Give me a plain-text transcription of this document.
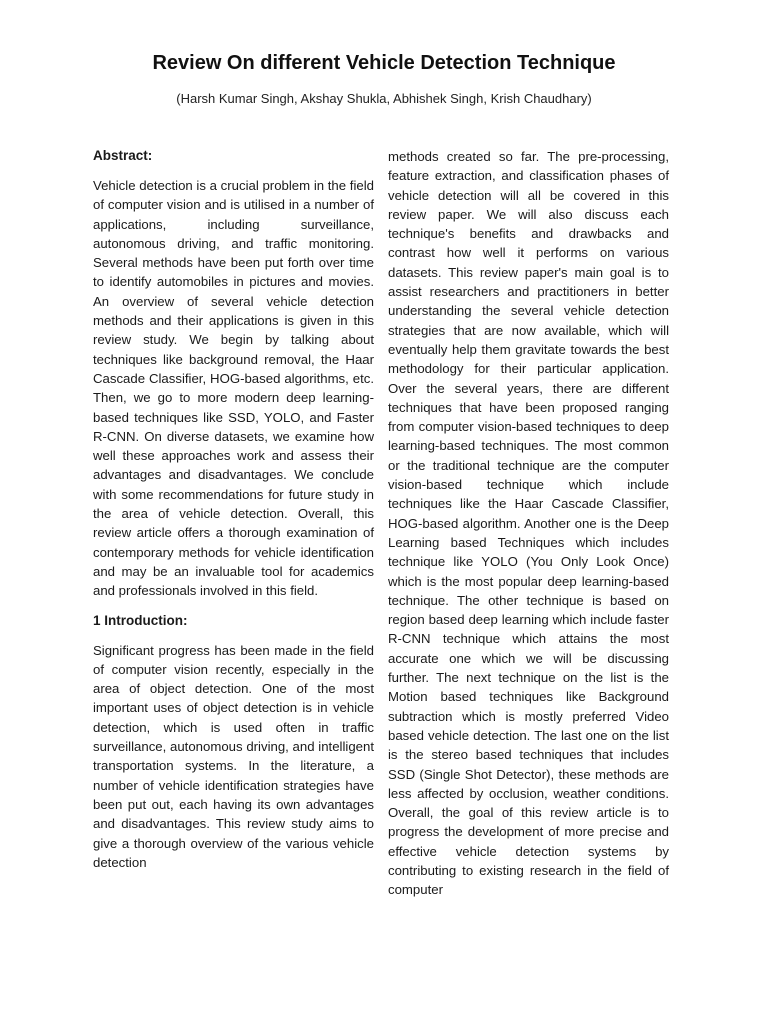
Review On different Vehicle Detection Technique
(Harsh Kumar Singh, Akshay Shukla, Abhishek Singh, Krish Chaudhary)
Abstract:

Vehicle detection is a crucial problem in the field of computer vision and is utilised in a number of applications, including surveillance, autonomous driving, and traffic monitoring. Several methods have been put forth over time to identify automobiles in pictures and movies. An overview of several vehicle detection methods and their applications is given in this review study. We begin by talking about techniques like background removal, the Haar Cascade Classifier, HOG-based algorithms, etc. Then, we go to more modern deep learning-based techniques like SSD, YOLO, and Faster R-CNN. On diverse datasets, we examine how well these approaches work and assess their advantages and disadvantages. We conclude with some recommendations for future study in the area of vehicle detection. Overall, this review article offers a thorough examination of contemporary methods for vehicle identification and may be an invaluable tool for academics and professionals involved in this field.

1 Introduction:

Significant progress has been made in the field of computer vision recently, especially in the area of object detection. One of the most important uses of object detection is in vehicle detection, which is used often in traffic surveillance, autonomous driving, and intelligent transportation systems. In the literature, a number of vehicle identification strategies have been put out, each having its own advantages and disadvantages. This review study aims to give a thorough overview of the various vehicle detection

methods created so far. The pre-processing, feature extraction, and classification phases of vehicle detection will all be covered in this review paper. We will also discuss each technique's benefits and drawbacks and contrast how well it performs on various datasets. This review paper's main goal is to assist researchers and practitioners in better understanding the several vehicle detection strategies that are now available, which will eventually help them gravitate towards the best methodology for their particular application. Over the several years, there are different techniques that have been proposed ranging from computer vision-based techniques to deep learning-based techniques. The most common or the traditional technique are the computer vision-based technique which include techniques like the Haar Cascade Classifier, HOG-based algorithm. Another one is the Deep Learning based Techniques which includes technique like YOLO (You Only Look Once) which is the most popular deep learning-based technique. The other technique is based on region based deep learning which include faster R-CNN technique which attains the most accurate one which we will be discussing further. The next technique on the list is the Motion based techniques like Background subtraction which is mostly preferred Video based vehicle detection. The last one on the list is the stereo based techniques that includes SSD (Single Shot Detector), these methods are less affected by occlusion, weather conditions. Overall, the goal of this review article is to progress the development of more precise and effective vehicle detection systems by contributing to existing research in the field of computer
